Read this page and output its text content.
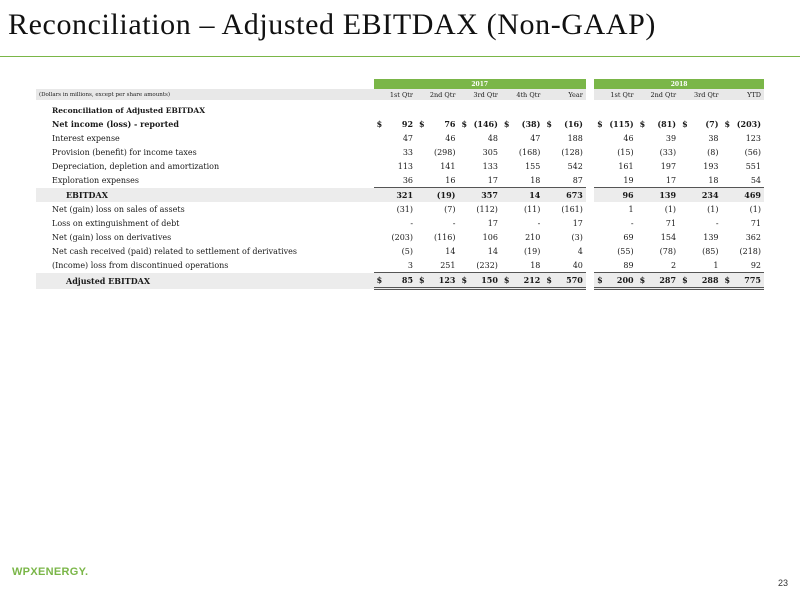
Reconciliation – Adjusted EBITDAX (Non-GAAP)
	2017						2018			
(Dollars in millions, except per share amounts)	1st Qtr	2nd Qtr	3rd Qtr	4th Qtr	Year		1st Qtr	2nd Qtr	3rd Qtr	YTD
Reconciliation of Adjusted EBITDAX										
Net income (loss) - reported	$ 92	$ 76	$ (146)	$ (38)	$ (16)		$ (115)	$ (81)	$ (7)	$ (203)

Interest expense	47	46	48	47	188		46	39	38	123

Provision (benefit) for income taxes	33	(298)	305	(168)	(128)		(15)	(33)	(8)	(56)

Depreciation, depletion and amortization	113	141	133	155	542		161	197	193	551

Exploration expenses	36	16	17	18	87		19	17	18	54

EBITDAX	321	(19)	357	14	673		96	139	234	469

Net (gain) loss on sales of assets	(31)	(7)	(112)	(11)	(161)		1	(1)	(1)	(1)

Loss on extinguishment of debt	-	-	17	-	17		-	71	-	71

Net (gain) loss on derivatives	(203)	(116)	106	210	(3)		69	154	139	362

Net cash received (paid) related to settlement of derivatives	(5)	14	14	(19)	4		(55)	(78)	(85)	(218)

(Income) loss from discontinued operations	3	251	(232)	18	40		89	2	1	92

Adjusted EBITDAX	$ 85	$ 123	$ 150	$ 212	$ 570		$ 200	$ 287	$ 288	$ 775
WPXENERGY.
23
